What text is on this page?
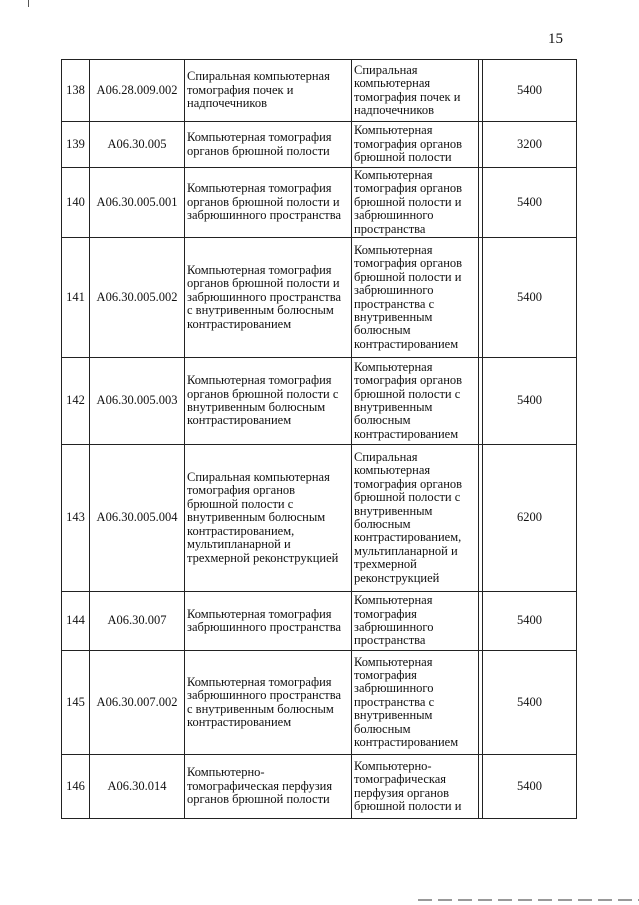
15
138	А06.28.009.002	Спиральная компьютерная томография почек и надпочечников	Спиральная компьютерная томография почек и надпочечников		5400
139	А06.30.005	Компьютерная томография органов брюшной полости	Компьютерная томография органов брюшной полости		3200
140	А06.30.005.001	Компьютерная томография органов брюшной полости и забрюшинного пространства	Компьютерная томография органов брюшной полости и забрюшинного пространства		5400
141	А06.30.005.002	Компьютерная томография органов брюшной полости и забрюшинного пространства с внутривенным болюсным контрастированием	Компьютерная томография органов брюшной полости и забрюшинного пространства с внутривенным болюсным контрастированием		5400
142	А06.30.005.003	Компьютерная томография органов брюшной полости с внутривенным болюсным контрастированием	Компьютерная томография органов брюшной полости с внутривенным болюсным контрастированием		5400
143	А06.30.005.004	Спиральная компьютерная томография органов брюшной полости с внутривенным болюсным контрастированием, мультипланарной и трехмерной реконструкцией	Спиральная компьютерная томография органов брюшной полости с внутривенным болюсным контрастированием, мультипланарной и трехмерной реконструкцией		6200
144	А06.30.007	Компьютерная томография забрюшинного пространства	Компьютерная томография забрюшинного пространства		5400
145	А06.30.007.002	Компьютерная томография забрюшинного пространства с внутривенным болюсным контрастированием	Компьютерная томография забрюшинного пространства с внутривенным болюсным контрастированием		5400
146	А06.30.014	Компьютерно-томографическая перфузия органов брюшной полости	Компьютерно-томографическая перфузия органов брюшной полости и		5400
